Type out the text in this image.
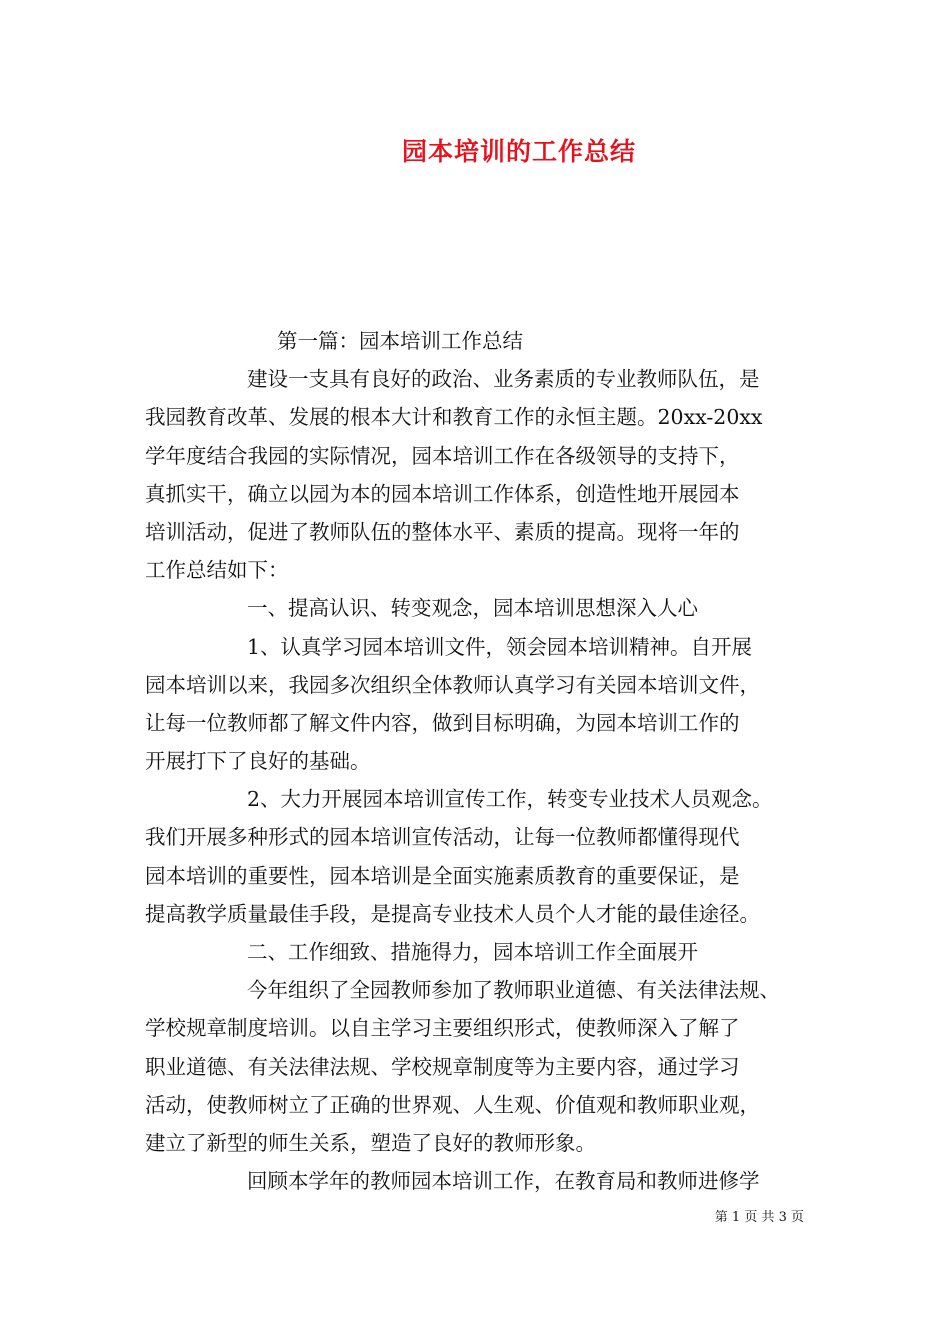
园本培训的工作总结
第一篇：园本培训工作总结
建设一支具有良好的政治、业务素质的专业教师队伍，是
我园教育改革、发展的根本大计和教育工作的永恒主题。20xx-20xx
学年度结合我园的实际情况，园本培训工作在各级领导的支持下，
真抓实干，确立以园为本的园本培训工作体系，创造性地开展园本
培训活动，促进了教师队伍的整体水平、素质的提高。现将一年的
工作总结如下：
一、提高认识、转变观念，园本培训思想深入人心
1、认真学习园本培训文件，领会园本培训精神。自开展
园本培训以来，我园多次组织全体教师认真学习有关园本培训文件，
让每一位教师都了解文件内容，做到目标明确，为园本培训工作的
开展打下了良好的基础。
2、大力开展园本培训宣传工作，转变专业技术人员观念。
我们开展多种形式的园本培训宣传活动，让每一位教师都懂得现代
园本培训的重要性，园本培训是全面实施素质教育的重要保证，是
提高教学质量最佳手段，是提高专业技术人员个人才能的最佳途径。
二、工作细致、措施得力，园本培训工作全面展开
今年组织了全园教师参加了教师职业道德、有关法律法规、
学校规章制度培训。以自主学习主要组织形式，使教师深入了解了
职业道德、有关法律法规、学校规章制度等为主要内容，通过学习
活动，使教师树立了正确的世界观、人生观、价值观和教师职业观，
建立了新型的师生关系，塑造了良好的教师形象。
回顾本学年的教师园本培训工作，在教育局和教师进修学
第 1 页 共 3 页
